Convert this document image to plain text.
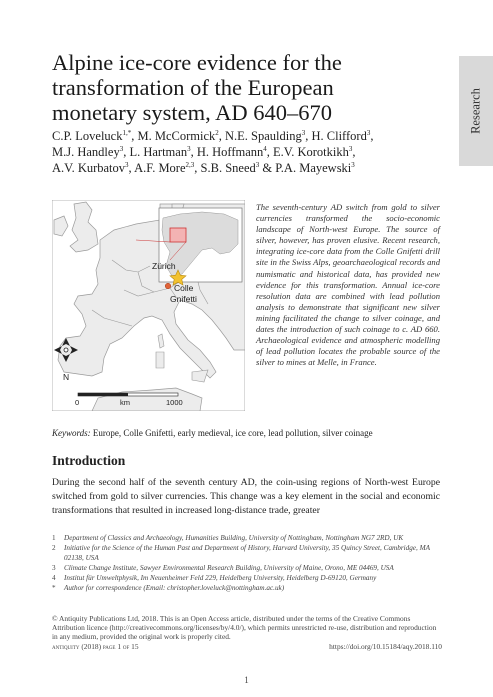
Research
Alpine ice-core evidence for the transformation of the European monetary system, AD 640–670
C.P. Loveluck$^{1,*}$, M. McCormick$^2$, N.E. Spaulding$^3$, H. Clifford$^3$,
M.J. Handley$^3$, L. Hartman$^3$, H. Hoffmann$^4$, E.V. Korotkikh$^3$,
A.V. Kurbatov$^3$, A.F. More$^{2,3}$, S.B. Sneed$^3$ & P.A. Mayewski$^3$
Zürich
Colle
Gnifetti
N
0	km	1000

The seventh-century AD switch from gold to silver currencies transformed the socio-economic landscape of North-west Europe. The source of silver, however, has proven elusive. Recent research, integrating ice-core data from the Colle Gnifetti drill site in the Swiss Alps, geoarchaeological records and numismatic and historical data, has provided new evidence for this transformation. Annual ice-core resolution data are combined with lead pollution analysis to demonstrate that significant new silver mining facilitated the change to silver coinage, and dates the introduction of such coinage to c. AD 660. Archaeological evidence and atmospheric modelling of lead pollution locates the probable source of the silver to mines at Melle, in France.

Keywords: Europe, Colle Gnifetti, early medieval, ice core, lead pollution, silver coinage
Introduction

During the second half of the seventh century AD, the coin-using regions of North-west Europe switched from gold to silver currencies. This change was a key element in the social and economic transformations that resulted in increased long-distance trade, greater

1 Department of Classics and Archaeology, Humanities Building, University of Nottingham, Nottingham NG7 2RD, UK
2 Initiative for the Science of the Human Past and Department of History, Harvard University, 35 Quincy Street, Cambridge, MA 02138, USA
3 Climate Change Institute, Sawyer Environmental Research Building, University of Maine, Orono, ME 04469, USA
4 Institut für Umweltphysik, Im Neuenheimer Feld 229, Heidelberg University, Heidelberg D-69120, Germany
* Author for correspondence (Email: christopher.loveluck@nottingham.ac.uk)
© Antiquity Publications Ltd, 2018. This is an Open Access article, distributed under the terms of the Creative Commons Attribution licence (http://creativecommons.org/licenses/by/4.0/), which permits unrestricted re-use, distribution and reproduction in any medium, provided the original work is properly cited.
antiquity (2018) page 1 of 15	https://doi.org/10.15184/aqy.2018.110
1
